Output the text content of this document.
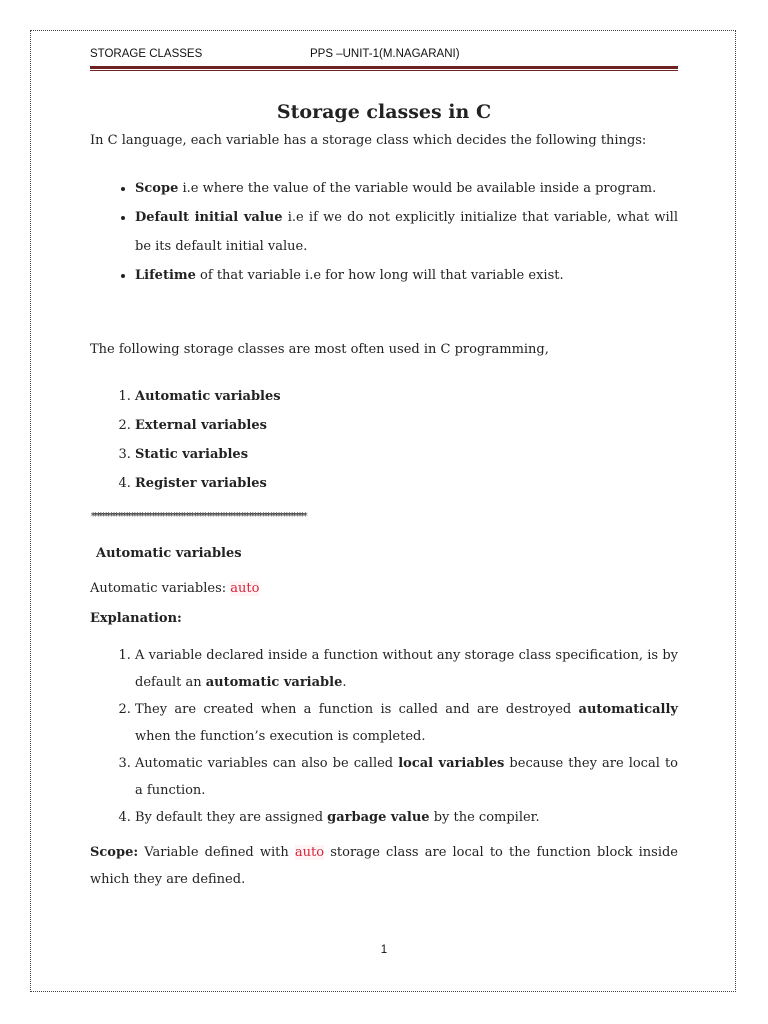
STORAGE CLASSES	PPS –UNIT-1(M.NAGARANI)
Storage classes in C

In C language, each variable has a storage class which decides the following things:

• Scope i.e where the value of the variable would be available inside a program.
• Default initial value i.e if we do not explicitly initialize that variable, what will be its default initial value.
• Lifetime of that variable i.e for how long will that variable exist.

The following storage classes are most often used in C programming,

1. Automatic variables
2. External variables
3. Static variables
4. Register variables
**********************************************************************************

Automatic variables

Automatic variables: auto

Explanation:

1. A variable declared inside a function without any storage class specification, is by default an automatic variable.
2. They are created when a function is called and are destroyed automatically when the function’s execution is completed.
3. Automatic variables can also be called local variables because they are local to a function.
4. By default they are assigned garbage value by the compiler.

Scope: Variable defined with auto storage class are local to the function block inside which they are defined.

1
